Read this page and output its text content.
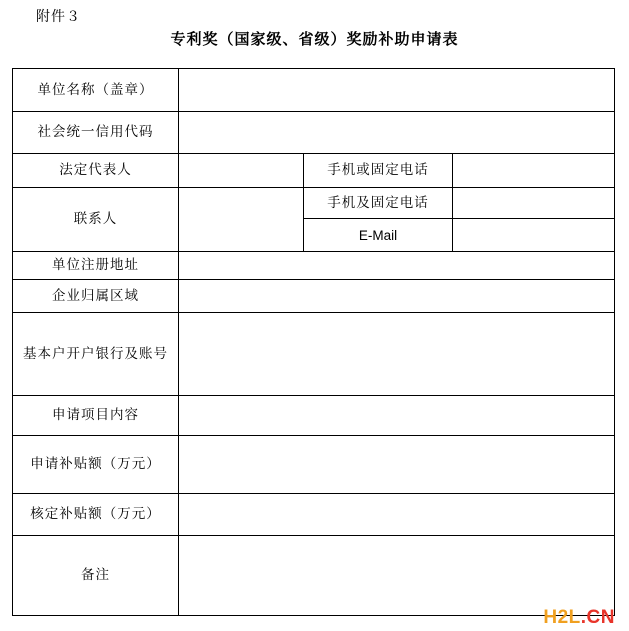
附件３
专利奖（国家级、省级）奖励补助申请表
单位名称（盖章）			
社会统一信用代码			
法定代表人		手机或固定电话	
联系人		手机及固定电话	
		E-Mail	
单位注册地址			
企业归属区域			
基本户开户银行及账号			
申请项目内容			
申请补贴额（万元）			
核定补贴额（万元）			
备注			
H2L.CN
